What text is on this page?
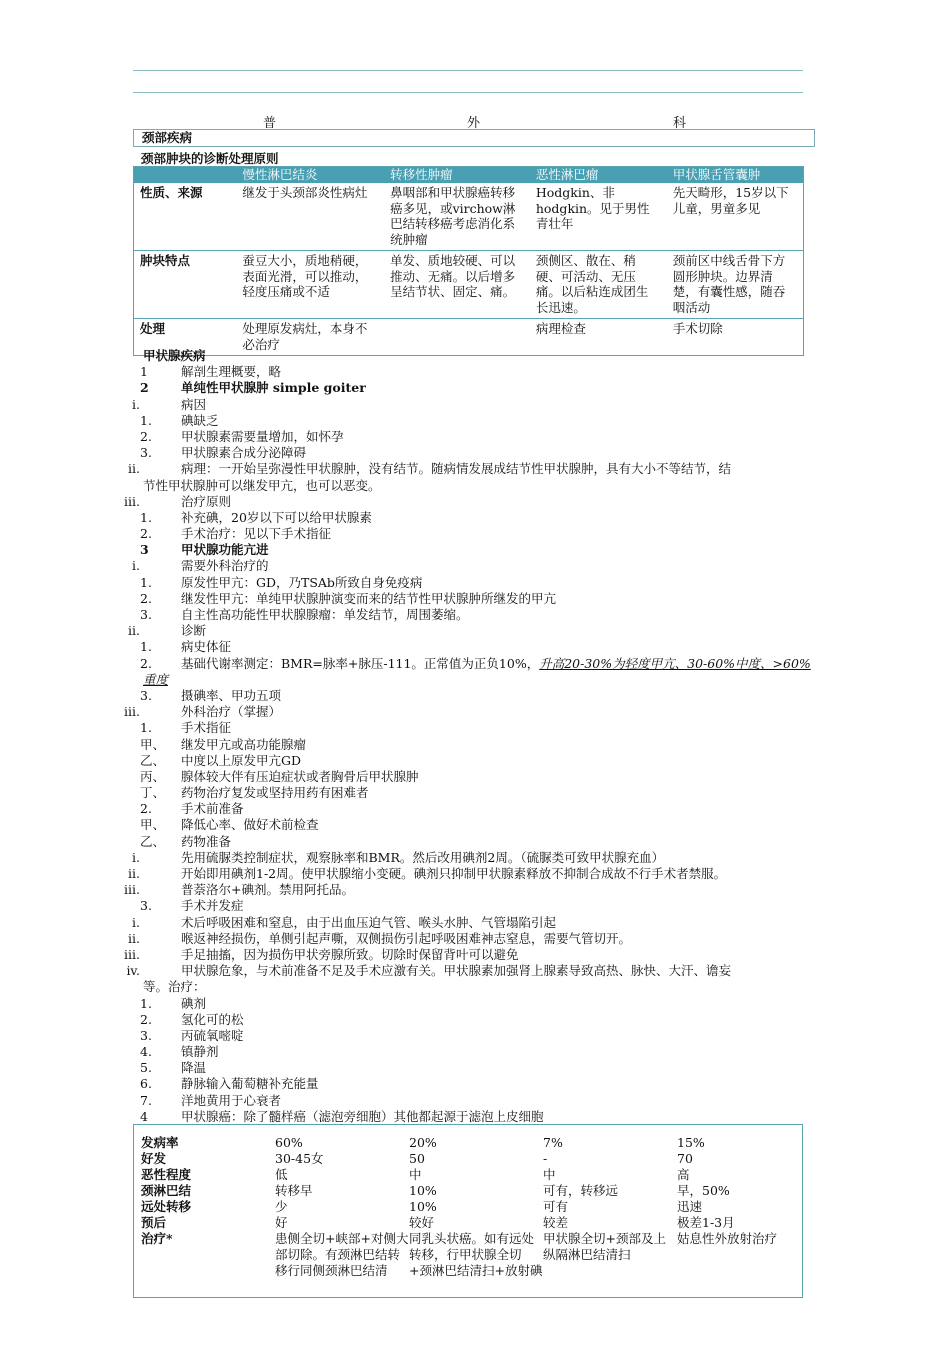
普	外	科
颈部疾病
颈部肿块的诊断处理原则
	慢性淋巴结炎	转移性肿瘤	恶性淋巴瘤	甲状腺舌管囊肿
性质、来源	继发于头颈部炎性病灶	鼻咽部和甲状腺癌转移癌多见，或virchow淋巴结转移癌考虑消化系统肿瘤	Hodgkin、非hodgkin。见于男性青壮年	先天畸形，15岁以下儿童，男童多见
肿块特点	蚕豆大小，质地稍硬，表面光滑，可以推动，轻度压痛或不适	单发、质地较硬、可以推动、无痛。以后增多呈结节状、固定、痛。	颈侧区、散在、稍硬、可活动、无压痛。以后粘连成团生长迅速。	颈前区中线舌骨下方圆形肿块。边界清楚，有囊性感，随吞咽活动
处理	处理原发病灶，本身不必治疗		病理检查	手术切除
甲状腺疾病
1	解剖生理概要，略
2	单纯性甲状腺肿 simple goiter
i.	病因
1. 碘缺乏
2. 甲状腺素需要量增加，如怀孕
3. 甲状腺素合成分泌障碍
ii.	病理：一开始呈弥漫性甲状腺肿，没有结节。随病情发展成结节性甲状腺肿，具有大小不等结节，结
节性甲状腺肿可以继发甲亢，也可以恶变。
iii.	治疗原则
1. 补充碘，20岁以下可以给甲状腺素
2. 手术治疗：见以下手术指征
3	甲状腺功能亢进
i.	需要外科治疗的
1. 原发性甲亢：GD，乃TSAb所致自身免疫病
2. 继发性甲亢：单纯甲状腺肿演变而来的结节性甲状腺肿所继发的甲亢
3. 自主性高功能性甲状腺腺瘤：单发结节，周围萎缩。
ii.	诊断
1. 病史体征
2. 基础代谢率测定：BMR=脉率+脉压-111。正常值为正负10%，升高20-30%为轻度甲亢、30-60%中度、>60%
重度
3. 摄碘率、甲功五项
iii.	外科治疗（掌握）
1. 手术指征
甲、 继发甲亢或高功能腺瘤
乙、 中度以上原发甲亢GD
丙、 腺体较大伴有压迫症状或者胸骨后甲状腺肿
丁、 药物治疗复发或坚持用药有困难者
2. 手术前准备
甲、 降低心率、做好术前检查
乙、 药物准备
i.	先用硫脲类控制症状，观察脉率和BMR。然后改用碘剂2周。（硫脲类可致甲状腺充血）
ii.	开始即用碘剂1-2周。使甲状腺缩小变硬。碘剂只抑制甲状腺素释放不抑制合成故不行手术者禁服。
iii.	普萘洛尔+碘剂。禁用阿托品。
3. 手术并发症
i.	术后呼吸困难和窒息，由于出血压迫气管、喉头水肿、气管塌陷引起
ii.	喉返神经损伤，单侧引起声嘶，双侧损伤引起呼吸困难神志窒息，需要气管切开。
iii.	手足抽搐，因为损伤甲状旁腺所致。切除时保留背叶可以避免
iv.	甲状腺危象，与术前准备不足及手术应激有关。甲状腺素加强肾上腺素导致高热、脉快、大汗、谵妄
等。治疗：
1. 碘剂
2. 氢化可的松
3. 丙硫氧嘧啶
4. 镇静剂
5. 降温
6. 静脉输入葡萄糖补充能量
7. 洋地黄用于心衰者
4	甲状腺癌：除了髓样癌（滤泡旁细胞）其他都起源于滤泡上皮细胞
发病率	60%	20%	7%	15%
好发	30-45女	50	-	70
恶性程度	低	中	中	高
颈淋巴结	转移早	10%	可有，转移远	早，50%
远处转移	少	10%	可有	迅速
预后	好	较好	较差	极差1-3月
治疗*	患侧全切+峡部+对侧大部切除。有颈淋巴结转移行同侧颈淋巴结清	同乳头状癌。如有远处转移，行甲状腺全切+颈淋巴结清扫+放射碘	甲状腺全切+颈部及上纵隔淋巴结清扫	姑息性外放射治疗
